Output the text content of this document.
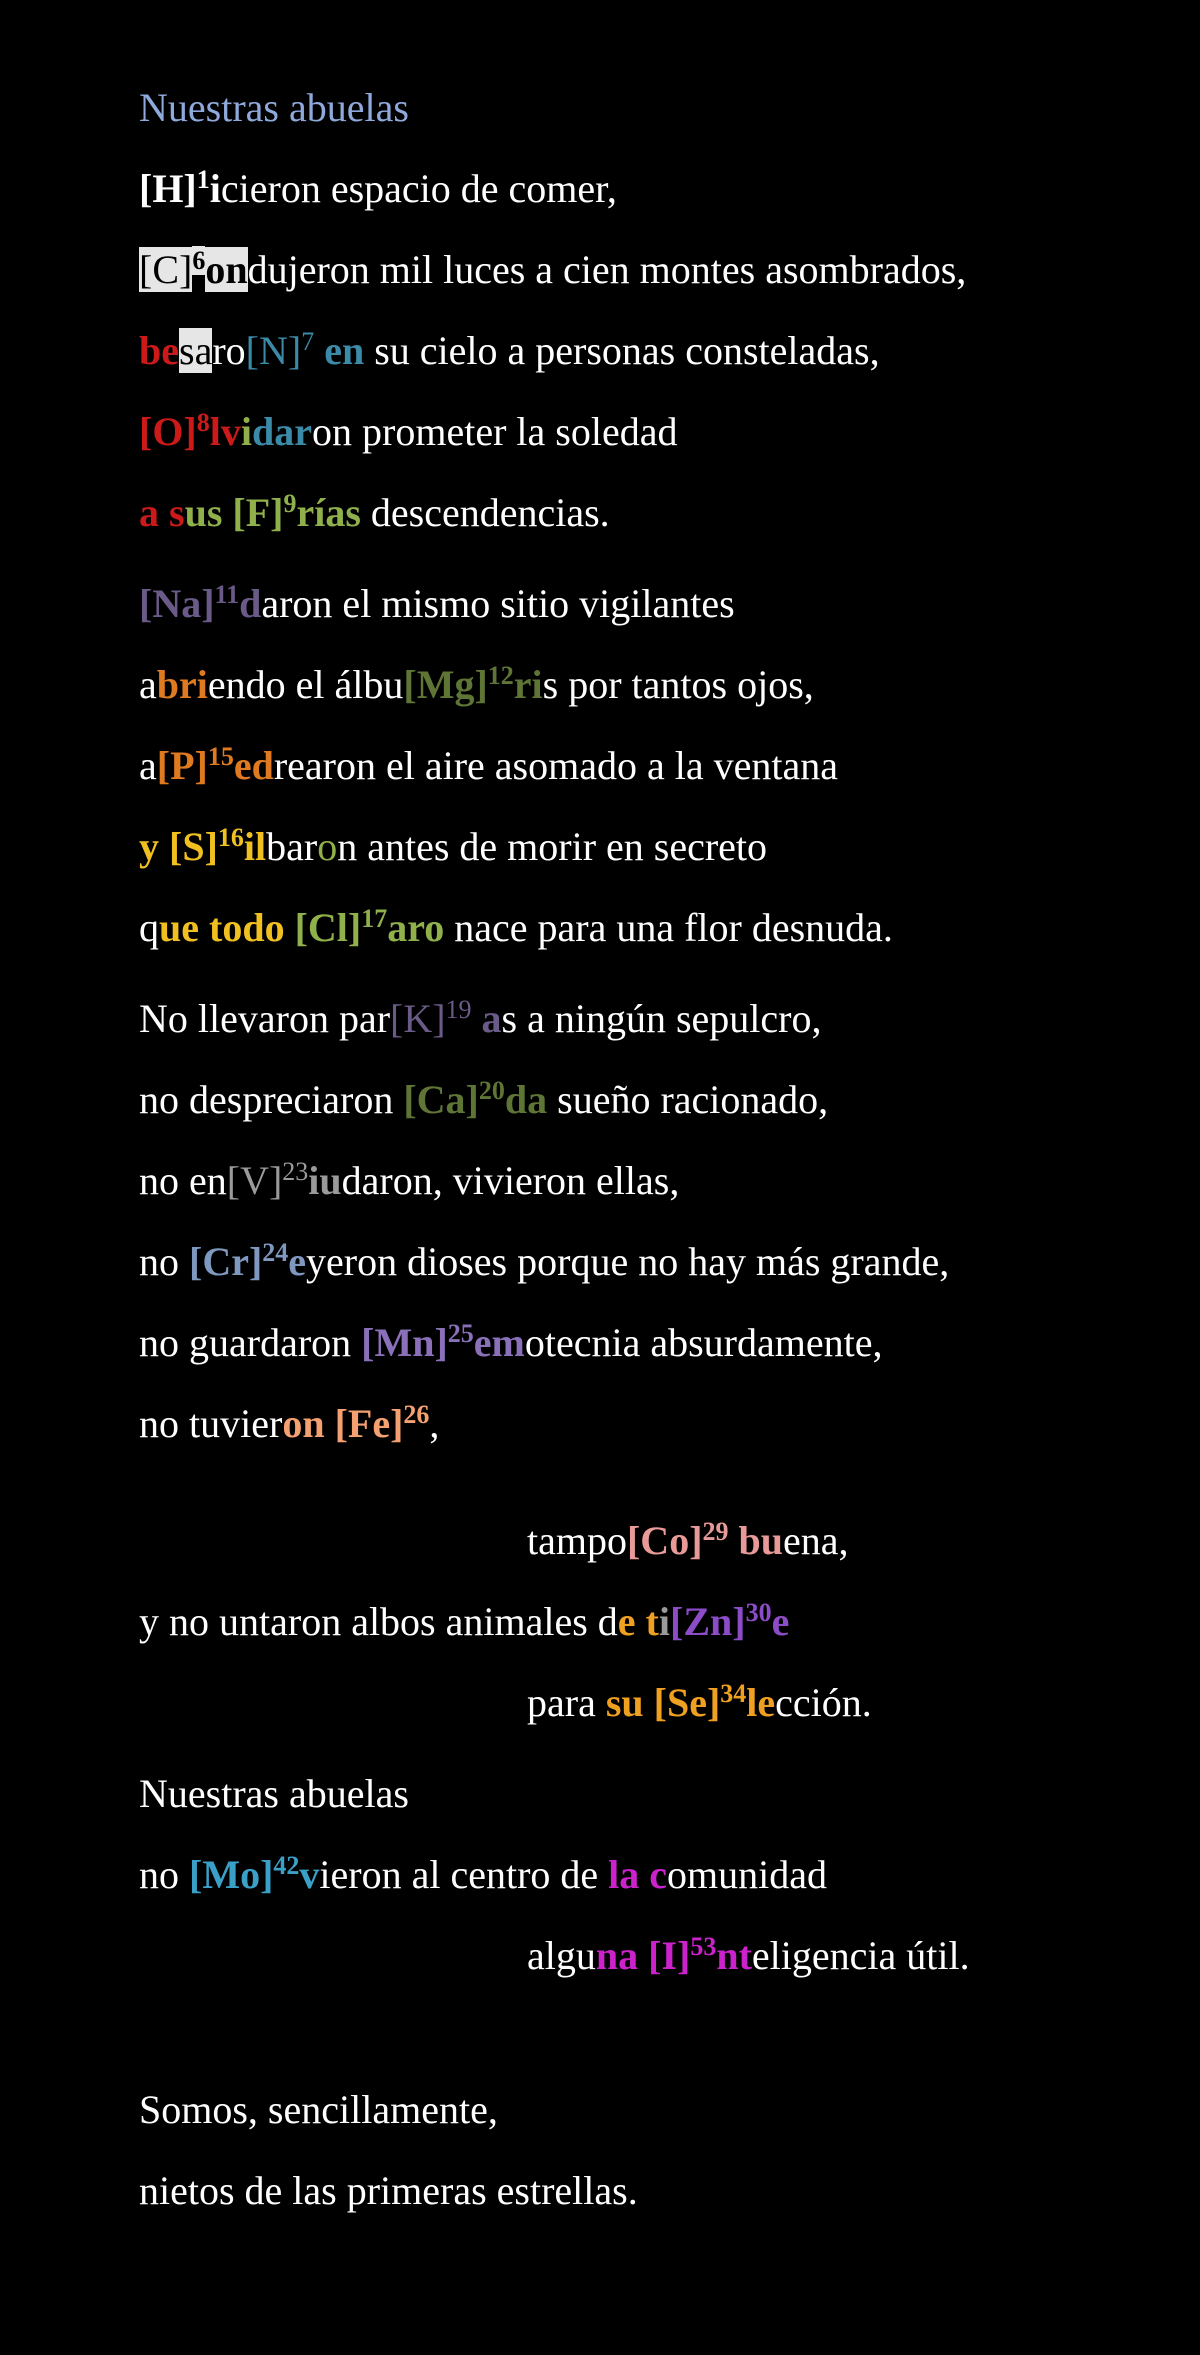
Nuestras abuelas
$[H]^1icieron$ espacio de comer,
$[C]^6ondujeron$ mil luces a cien montes asombrados,
$besaro[N]^7$ en su cielo a personas consteladas,
$[O]^8lvidaron$ prometer la soledad
a sus $[F]^9rías$ descendencias.
$[Na]^{11}daron$ el mismo sitio vigilantes
abriendo el $álbu[Mg]^{12}ris$ por tantos ojos,
$a[P]^{15}edrearon$ el aire asomado a la ventana
y $[S]^{16}ilbaron$ antes de morir en secreto
que todo $[Cl]^{17}aro$ nace para una flor desnuda.
No llevaron $par[K]^{19}$ as a ningún sepulcro,
no despreciaron $[Ca]^{20}da$ sueño racionado,
no $en[V]^{23}iudaron$, vivieron ellas,
no $[Cr]^{24}eyeron$ dioses porque no hay más grande,
no guardaron $[Mn]^{25}emotecnia$ absurdamente,
no tuvieron $[Fe]^{26}$,
$tampo[Co]^{29}$ buena,
y no untaron albos animales de $ti[Zn]^{30}e$
para su $[Se]^{34}lección$.
Nuestras abuelas
no $[Mo]^{42}vieron$ al centro de la comunidad
alguna $[I]^{53}nteligencia$ útil.
Somos, sencillamente,
nietos de las primeras estrellas.
